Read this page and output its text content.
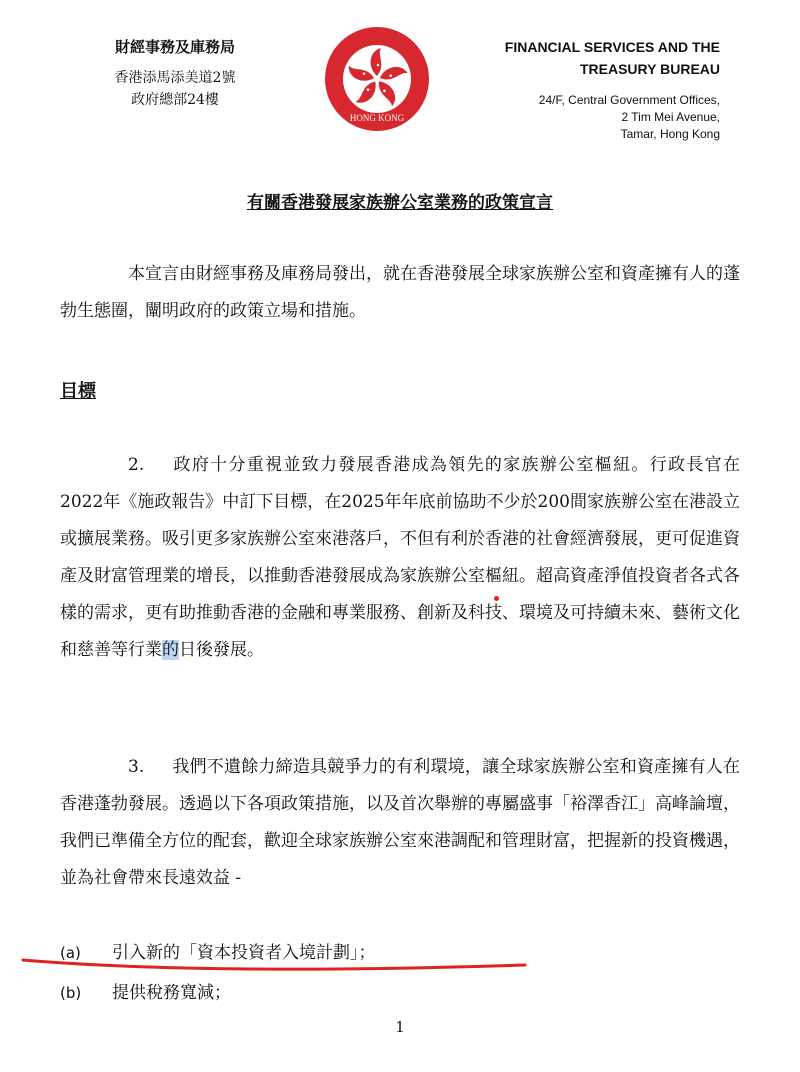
財經事務及庫務局
香港添馬添美道2號
政府總部24樓
HONG KONG
FINANCIAL SERVICES AND THE
TREASURY BUREAU
24/F, Central Government Offices,
2 Tim Mei Avenue,
Tamar, Hong Kong
有關香港發展家族辦公室業務的政策宣言
本宣言由財經事務及庫務局發出，就在香港發展全球家族辦公室和資產擁有人的蓬勃生態圈，闡明政府的政策立場和措施。
目標
2. 政府十分重視並致力發展香港成為領先的家族辦公室樞紐。行政長官在2022年《施政報告》中訂下目標，在2025年年底前協助不少於200間家族辦公室在港設立或擴展業務。吸引更多家族辦公室來港落戶，不但有利於香港的社會經濟發展，更可促進資產及財富管理業的增長，以推動香港發展成為家族辦公室樞紐。超高資產淨值投資者各式各樣的需求，更有助推動香港的金融和專業服務、創新及科技、環境及可持續未來、藝術文化和慈善等行業的日後發展。
3. 我們不遺餘力締造具競爭力的有利環境，讓全球家族辦公室和資產擁有人在香港蓬勃發展。透過以下各項政策措施，以及首次舉辦的專屬盛事「裕澤香江」高峰論壇，我們已準備全方位的配套，歡迎全球家族辦公室來港調配和管理財富，把握新的投資機遇，並為社會帶來長遠效益 -
(a) 引入新的「資本投資者入境計劃」；
(b) 提供稅務寬減；
1
